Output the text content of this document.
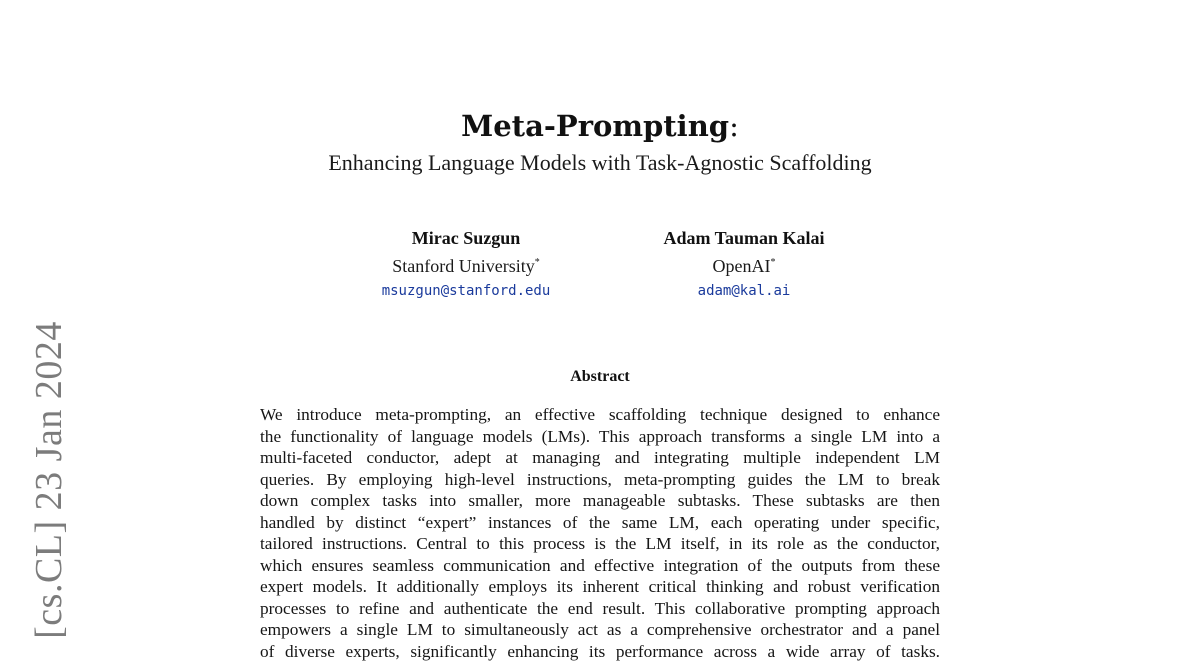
[cs.CL] 23 Jan 2024
Meta-Prompting:
Enhancing Language Models with Task-Agnostic Scaffolding
Mirac Suzgun
Stanford University*
msuzgun@stanford.edu
Adam Tauman Kalai
OpenAI*
adam@kal.ai
Abstract
We introduce meta-prompting, an effective scaffolding technique designed to enhance
the functionality of language models (LMs). This approach transforms a single LM into a
multi-faceted conductor, adept at managing and integrating multiple independent LM
queries. By employing high-level instructions, meta-prompting guides the LM to break
down complex tasks into smaller, more manageable subtasks. These subtasks are then
handled by distinct “expert” instances of the same LM, each operating under specific,
tailored instructions. Central to this process is the LM itself, in its role as the conductor,
which ensures seamless communication and effective integration of the outputs from these
expert models. It additionally employs its inherent critical thinking and robust verification
processes to refine and authenticate the end result. This collaborative prompting approach
empowers a single LM to simultaneously act as a comprehensive orchestrator and a panel
of diverse experts, significantly enhancing its performance across a wide array of tasks.
